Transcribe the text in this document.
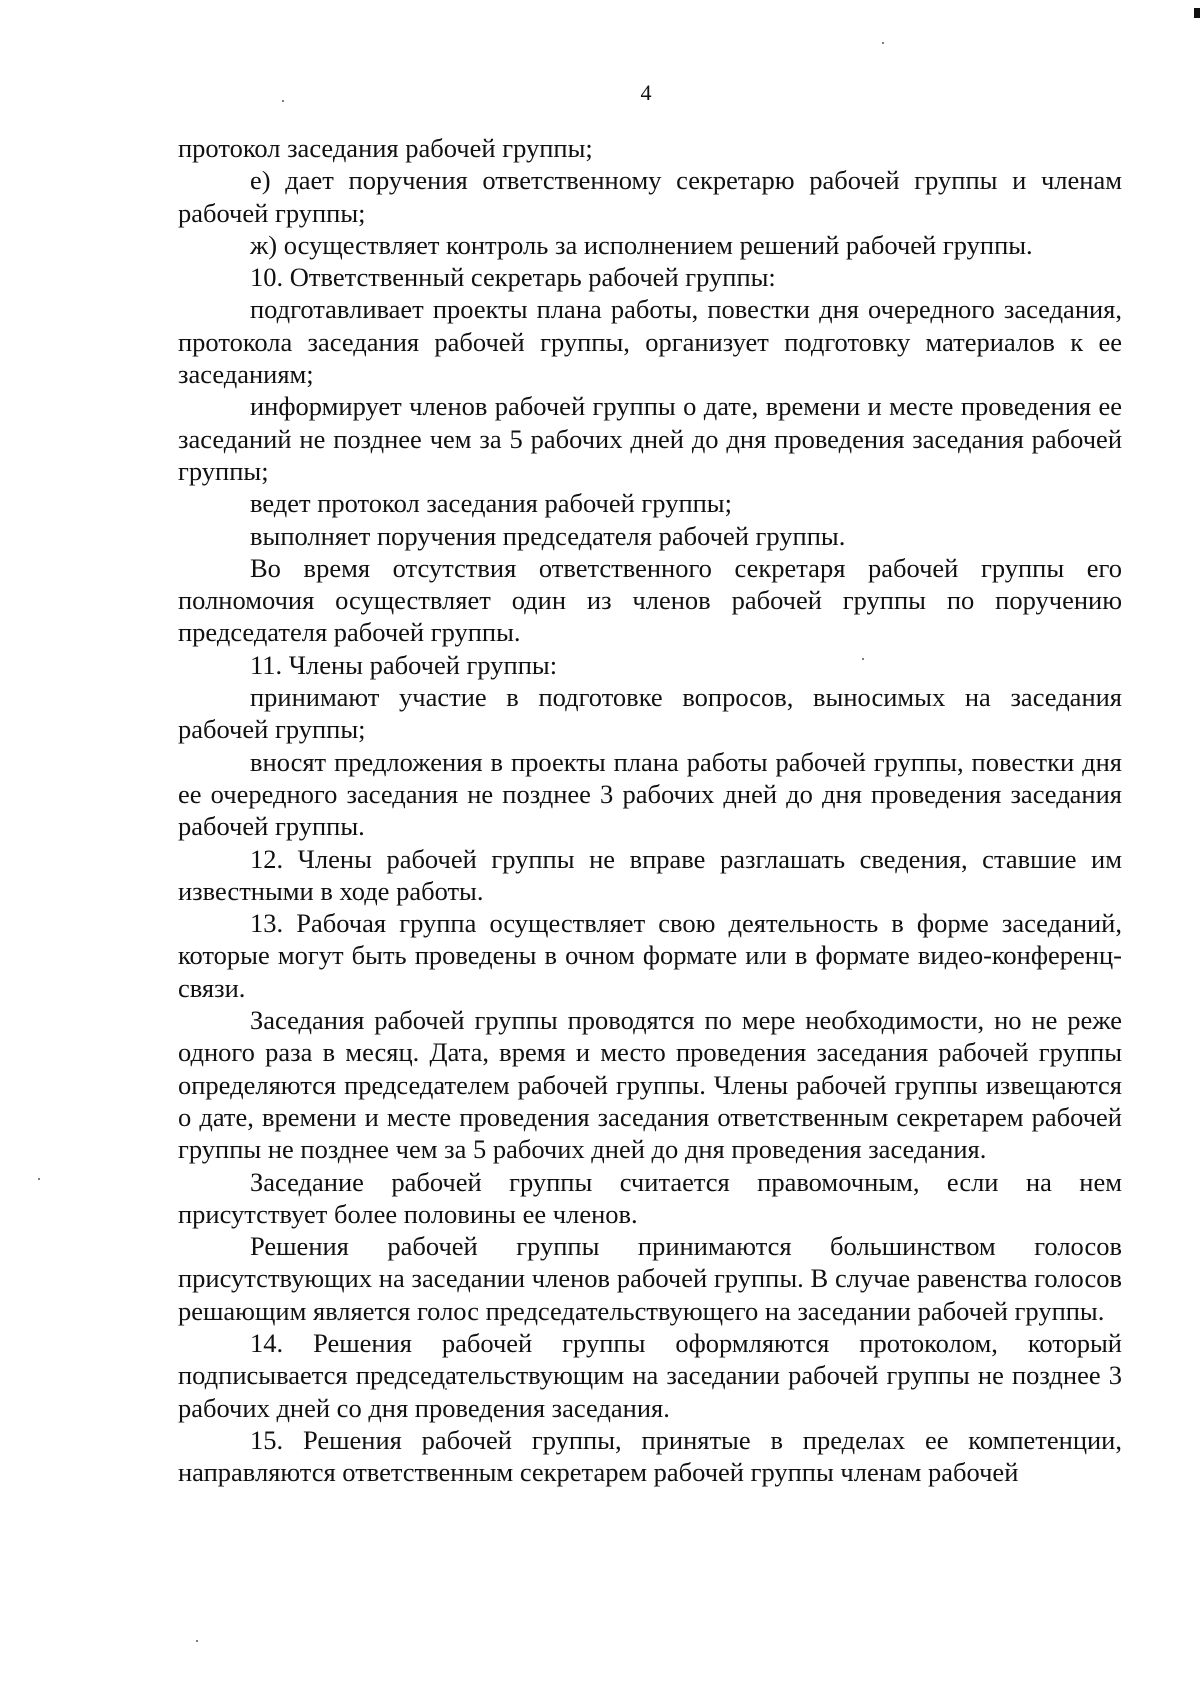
4

протокол заседания рабочей группы;

е) дает поручения ответственному секретарю рабочей группы и членам рабочей группы;

ж) осуществляет контроль за исполнением решений рабочей группы.

10. Ответственный секретарь рабочей группы:

подготавливает проекты плана работы, повестки дня очередного заседания, протокола заседания рабочей группы, организует подготовку материалов к ее заседаниям;

информирует членов рабочей группы о дате, времени и месте проведения ее заседаний не позднее чем за 5 рабочих дней до дня проведения заседания рабочей группы;

ведет протокол заседания рабочей группы;

выполняет поручения председателя рабочей группы.

Во время отсутствия ответственного секретаря рабочей группы его полномочия осуществляет один из членов рабочей группы по поручению председателя рабочей группы.

11. Члены рабочей группы:

принимают участие в подготовке вопросов, выносимых на заседания рабочей группы;

вносят предложения в проекты плана работы рабочей группы, повестки дня ее очередного заседания не позднее 3 рабочих дней до дня проведения заседания рабочей группы.

12. Члены рабочей группы не вправе разглашать сведения, ставшие им известными в ходе работы.

13. Рабочая группа осуществляет свою деятельность в форме заседаний, которые могут быть проведены в очном формате или в формате видео-конференц-связи.

Заседания рабочей группы проводятся по мере необходимости, но не реже одного раза в месяц. Дата, время и место проведения заседания рабочей группы определяются председателем рабочей группы. Члены рабочей группы извещаются о дате, времени и месте проведения заседания ответственным секретарем рабочей группы не позднее чем за 5 рабочих дней до дня проведения заседания.

Заседание рабочей группы считается правомочным, если на нем присутствует более половины ее членов.

Решения рабочей группы принимаются большинством голосов присутствующих на заседании членов рабочей группы. В случае равенства голосов решающим является голос председательствующего на заседании рабочей группы.

14. Решения рабочей группы оформляются протоколом, который подписывается председательствующим на заседании рабочей группы не позднее 3 рабочих дней со дня проведения заседания.

15. Решения рабочей группы, принятые в пределах ее компетенции, направляются ответственным секретарем рабочей группы членам рабочей
